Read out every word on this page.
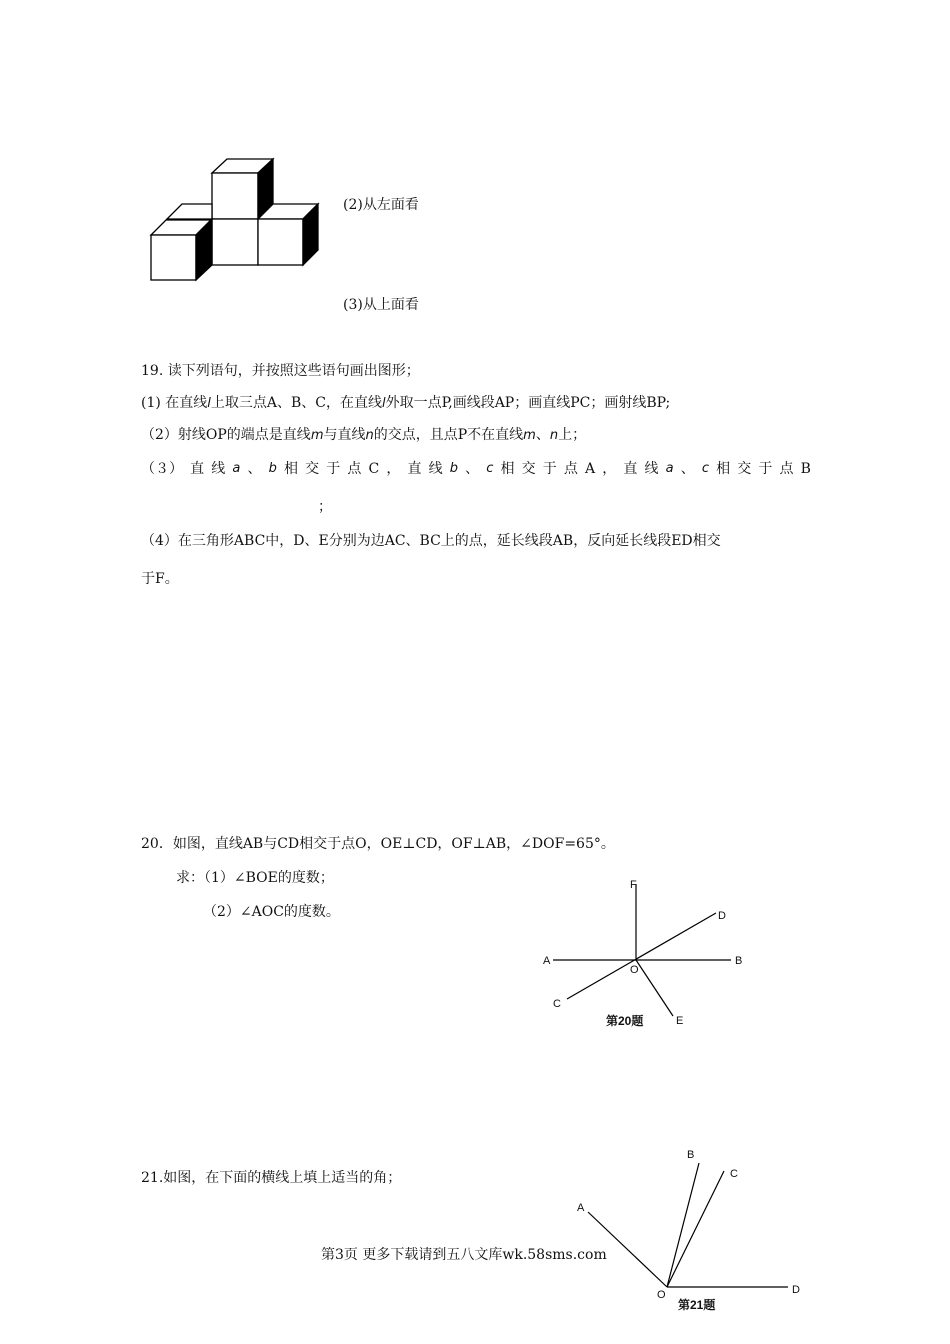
(2)从左面看
(3)从上面看
19. 读下列语句，并按照这些语句画出图形；
(1) 在直线l上取三点A、B、C，在直线l外取一点P,画线段AP；画直线PC；画射线BP;
（2）射线OP的端点是直线m与直线n的交点，且点P不在直线m、n上；
（３） 直 线 a 、 b 相 交 于 点 C ， 直 线 b 、 c 相 交 于 点 A ， 直 线 a 、 c 相 交 于 点 B
；
（4）在三角形ABC中，D、E分别为边AC、BC上的点，延长线段AB，反向延长线段ED相交
于F。
20．如图，直线AB与CD相交于点O，OE⊥CD，OF⊥AB，∠DOF=65°。
求：（1）∠BOE的度数；
（2）∠AOC的度数。
F
D
A
O
B
C
E
第20题
21.如图，在下面的横线上填上适当的角；
B
C
A
O	D
第21题
第3页 更多下载请到五八文库wk.58sms.com
